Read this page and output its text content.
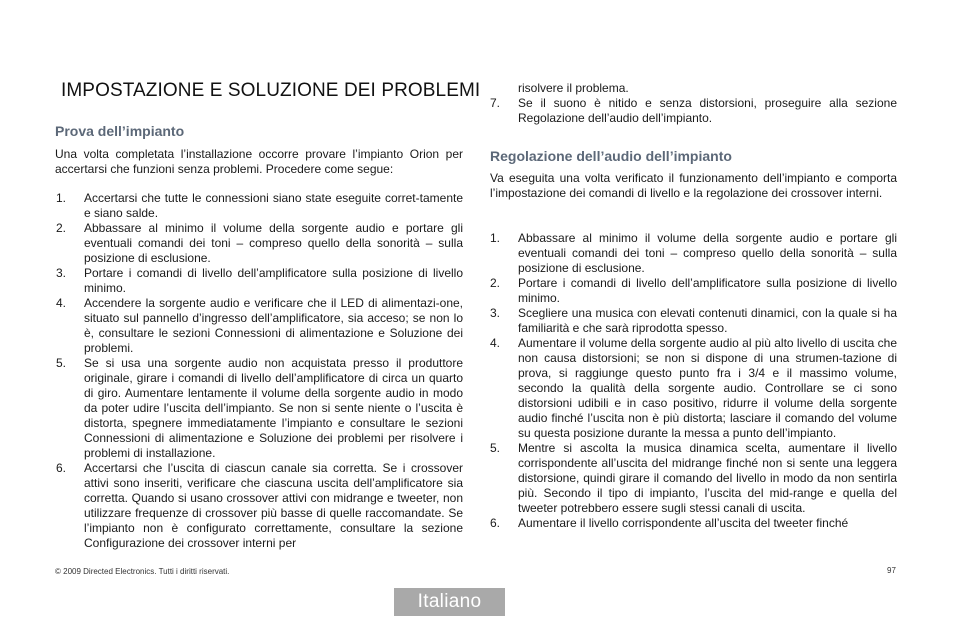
IMPOSTAZIONE E SOLUZIONE DEI PROBLEMI
Prova dell’impianto
Una volta completata l’installazione occorre provare l’impianto Orion per accertarsi che funzioni senza problemi. Procedere come segue:
1. Accertarsi che tutte le connessioni siano state eseguite corret-tamente e siano salde.
2. Abbassare al minimo il volume della sorgente audio e portare gli eventuali comandi dei toni – compreso quello della sonorità – sulla posizione di esclusione.
3. Portare i comandi di livello dell’amplificatore sulla posizione di livello minimo.
4. Accendere la sorgente audio e verificare che il LED di alimentazi-one, situato sul pannello d’ingresso dell’amplificatore, sia acceso; se non lo è, consultare le sezioni Connessioni di alimentazione e Soluzione dei problemi.
5. Se si usa una sorgente audio non acquistata presso il produttore originale, girare i comandi di livello dell’amplificatore di circa un quarto di giro. Aumentare lentamente il volume della sorgente audio in modo da poter udire l’uscita dell’impianto. Se non si sente niente o l’uscita è distorta, spegnere immediatamente l’impianto e consultare le sezioni Connessioni di alimentazione e Soluzione dei problemi per risolvere i problemi di installazione.
6. Accertarsi che l’uscita di ciascun canale sia corretta. Se i crossover attivi sono inseriti, verificare che ciascuna uscita dell’amplificatore sia corretta. Quando si usano crossover attivi con midrange e tweeter, non utilizzare frequenze di crossover più basse di quelle raccomandate. Se l’impianto non è configurato correttamente, consultare la sezione Configurazione dei crossover interni per
risolvere il problema.
7. Se il suono è nitido e senza distorsioni, proseguire alla sezione Regolazione dell’audio dell’impianto.
Regolazione dell’audio dell’impianto
Va eseguita una volta verificato il funzionamento dell’impianto e comporta l’impostazione dei comandi di livello e la regolazione dei crossover interni.
1. Abbassare al minimo il volume della sorgente audio e portare gli eventuali comandi dei toni – compreso quello della sonorità – sulla posizione di esclusione.
2. Portare i comandi di livello dell’amplificatore sulla posizione di livello minimo.
3. Scegliere una musica con elevati contenuti dinamici, con la quale si ha familiarità e che sarà riprodotta spesso.
4. Aumentare il volume della sorgente audio al più alto livello di uscita che non causa distorsioni; se non si dispone di una strumen-tazione di prova, si raggiunge questo punto fra i 3/4 e il massimo volume, secondo la qualità della sorgente audio. Controllare se ci sono distorsioni udibili e in caso positivo, ridurre il volume della sorgente audio finché l’uscita non è più distorta; lasciare il comando del volume su questa posizione durante la messa a punto dell’impianto.
5. Mentre si ascolta la musica dinamica scelta, aumentare il livello corrispondente all’uscita del midrange finché non si sente una leggera distorsione, quindi girare il comando del livello in modo da non sentirla più. Secondo il tipo di impianto, l’uscita del mid-range e quella del tweeter potrebbero essere sugli stessi canali di uscita.
6. Aumentare il livello corrispondente all’uscita del tweeter finché
© 2009 Directed Electronics. Tutti i diritti riservati.	97
Italiano
